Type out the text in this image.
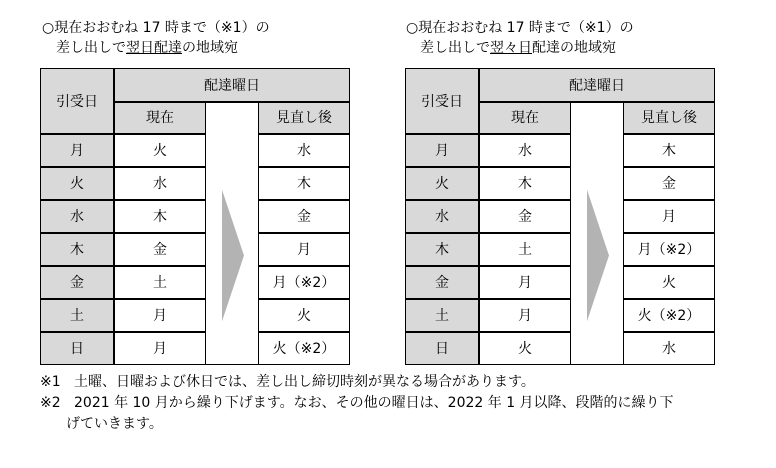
○現在おおむね 17 時まで（※1）の
差し出しで翌日配達の地域宛
○現在おおむね 17 時まで（※1）の
差し出しで翌々日配達の地域宛
引受日
配達曜日
現在	見直し後
月	火	水
火	水	木
水	木	金
木	金	月
金	土	月（※2）
土	月	火
日	月	火（※2）
引受日
配達曜日
現在	見直し後
月	水	木
火	木	金
水	金	月
木	土	月（※2）
金	月	火
土	月	火（※2）
日	火	水
※1 土曜、日曜および休日では、差し出し締切時刻が異なる場合があります。
※2 2021 年 10 月から繰り下げます。なお、その他の曜日は、2022 年 1 月以降、段階的に繰り下
げていきます。
